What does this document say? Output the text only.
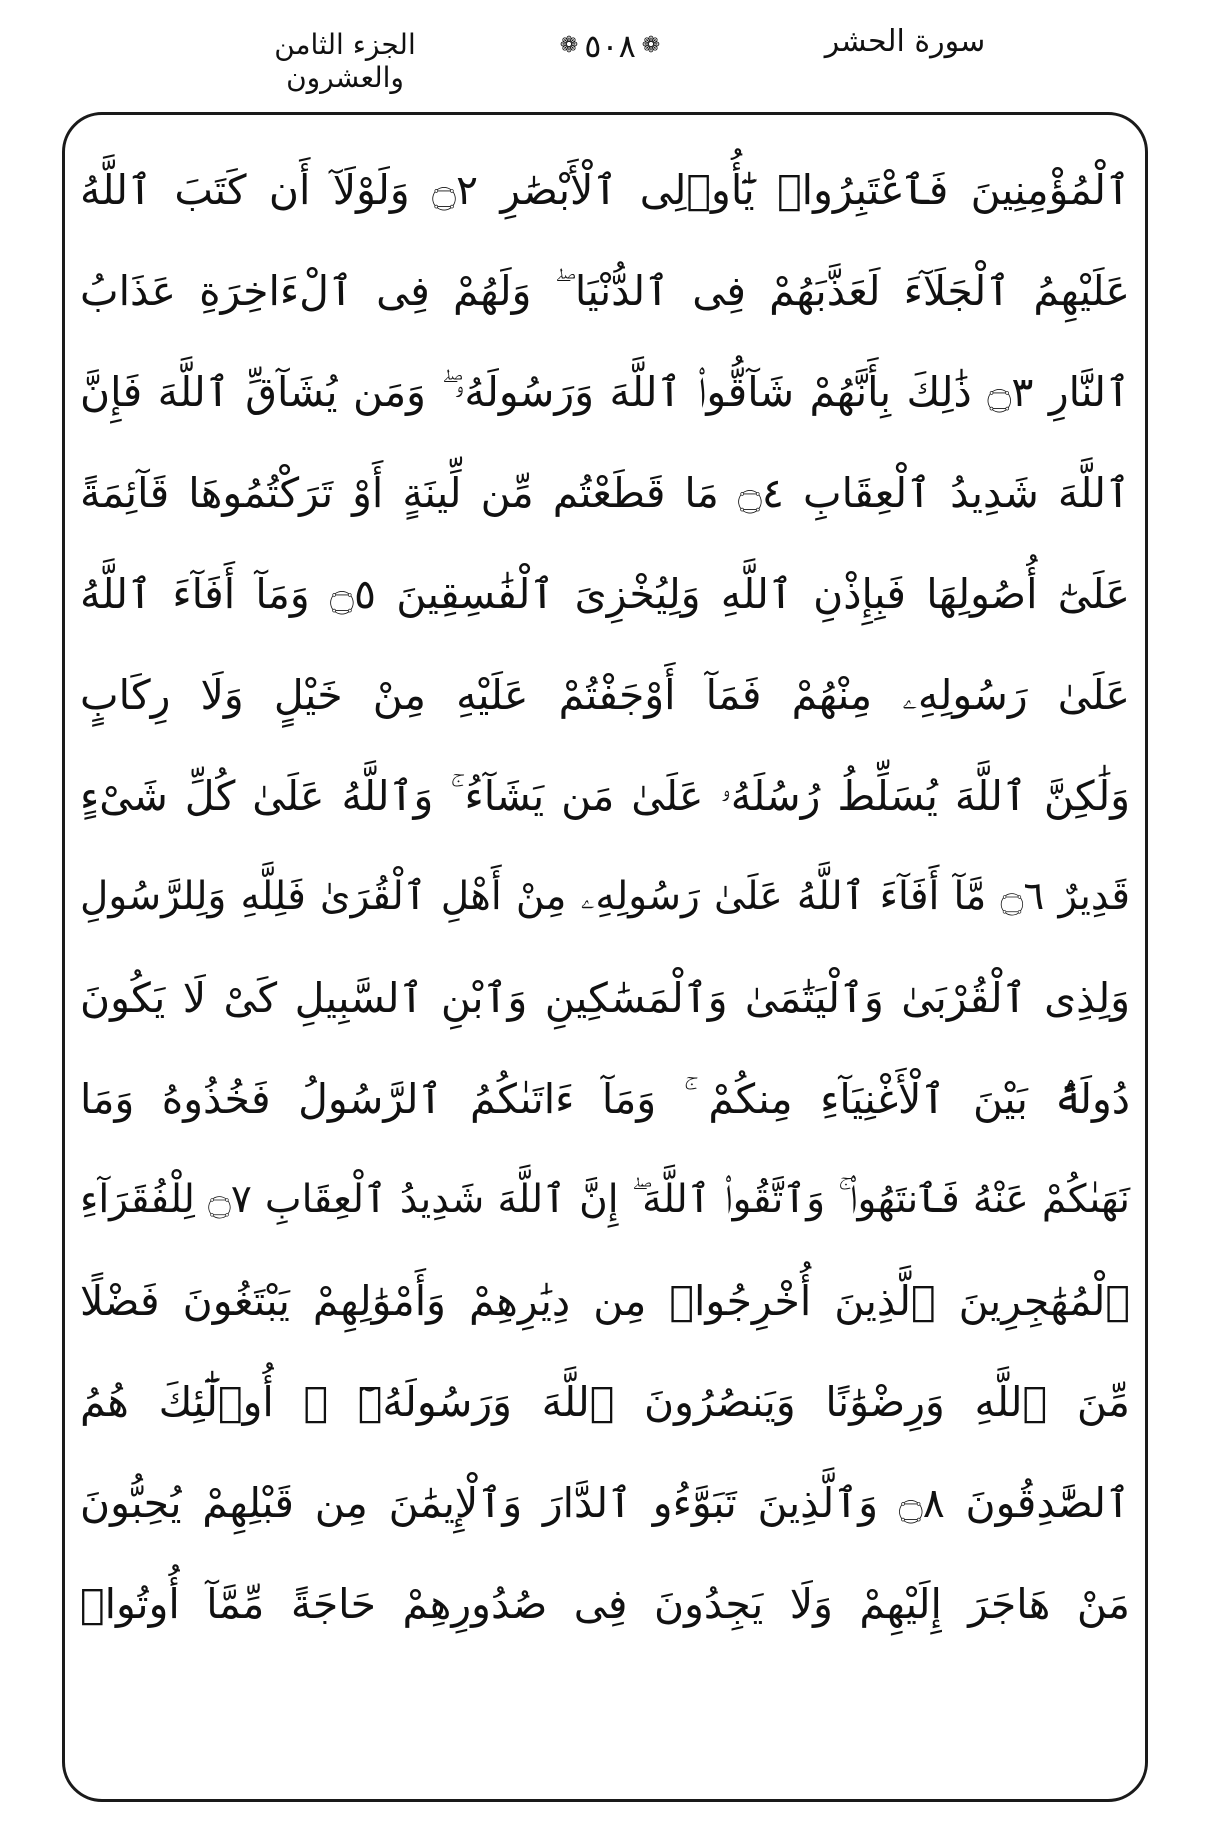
الجزء الثامن والعشرون
❁
٥٠٨
❁	سورة الحشر
ٱلْمُؤْمِنِينَ فَٱعْتَبِرُوا۟ يَٰٓأُو۟لِى ٱلْأَبْصَٰرِ ۝٢ وَلَوْلَآ أَن كَتَبَ ٱللَّهُ
عَلَيْهِمُ ٱلْجَلَآءَ لَعَذَّبَهُمْ فِى ٱلدُّنْيَا ۖ وَلَهُمْ فِى ٱلْءَاخِرَةِ عَذَابُ
ٱلنَّارِ ۝٣ ذَٰلِكَ بِأَنَّهُمْ شَآقُّوا۟ ٱللَّهَ وَرَسُولَهُۥ ۖ وَمَن يُشَآقِّ ٱللَّهَ فَإِنَّ
ٱللَّهَ شَدِيدُ ٱلْعِقَابِ ۝٤ مَا قَطَعْتُم مِّن لِّينَةٍ أَوْ تَرَكْتُمُوهَا قَآئِمَةً
عَلَىٰٓ أُصُولِهَا فَبِإِذْنِ ٱللَّهِ وَلِيُخْزِىَ ٱلْفَٰسِقِينَ ۝٥ وَمَآ أَفَآءَ ٱللَّهُ
عَلَىٰ رَسُولِهِۦ مِنْهُمْ فَمَآ أَوْجَفْتُمْ عَلَيْهِ مِنْ خَيْلٍ وَلَا رِكَابٍ
وَلَٰكِنَّ ٱللَّهَ يُسَلِّطُ رُسُلَهُۥ عَلَىٰ مَن يَشَآءُ ۚ وَٱللَّهُ عَلَىٰ كُلِّ شَىْءٍ
قَدِيرٌ ۝٦ مَّآ أَفَآءَ ٱللَّهُ عَلَىٰ رَسُولِهِۦ مِنْ أَهْلِ ٱلْقُرَىٰ فَلِلَّهِ وَلِلرَّسُولِ
وَلِذِى ٱلْقُرْبَىٰ وَٱلْيَتَٰمَىٰ وَٱلْمَسَٰكِينِ وَٱبْنِ ٱلسَّبِيلِ كَىْ لَا يَكُونَ
دُولَةًۢ بَيْنَ ٱلْأَغْنِيَآءِ مِنكُمْ ۚ وَمَآ ءَاتَىٰكُمُ ٱلرَّسُولُ فَخُذُوهُ وَمَا
نَهَىٰكُمْ عَنْهُ فَٱنتَهُوا۟ ۚ وَٱتَّقُوا۟ ٱللَّهَ ۖ إِنَّ ٱللَّهَ شَدِيدُ ٱلْعِقَابِ ۝٧ لِلْفُقَرَآءِ
ٱلْمُهَٰجِرِينَ ٱلَّذِينَ أُخْرِجُوا۟ مِن دِيَٰرِهِمْ وَأَمْوَٰلِهِمْ يَبْتَغُونَ فَضْلًا
مِّنَ ٱللَّهِ وَرِضْوَٰنًا وَيَنصُرُونَ ٱللَّهَ وَرَسُولَهُۥٓ ۚ أُو۟لَٰٓئِكَ هُمُ
ٱلصَّٰدِقُونَ ۝٨ وَٱلَّذِينَ تَبَوَّءُو ٱلدَّارَ وَٱلْإِيمَٰنَ مِن قَبْلِهِمْ يُحِبُّونَ
مَنْ هَاجَرَ إِلَيْهِمْ وَلَا يَجِدُونَ فِى صُدُورِهِمْ حَاجَةً مِّمَّآ أُوتُوا۟
